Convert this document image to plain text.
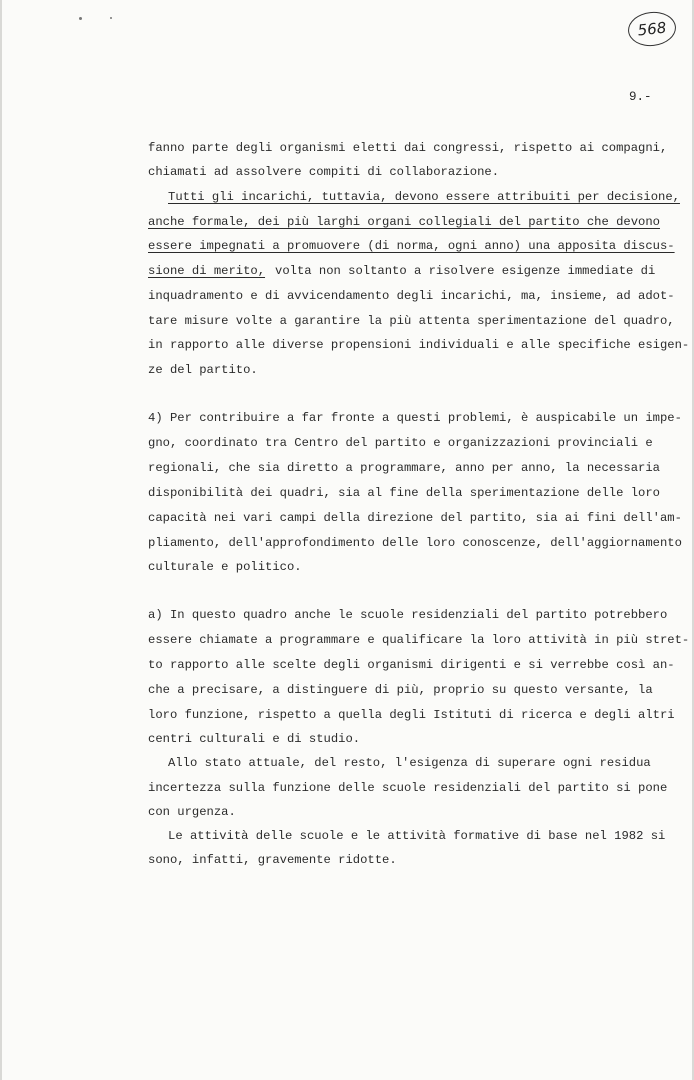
568
9.-
fanno parte degli organismi eletti dai congressi, rispetto ai compagni,
chiamati ad assolvere compiti di collaborazione.
Tutti gli incarichi, tuttavia, devono essere attribuiti per decisione,
anche formale, dei più larghi organi collegiali del partito che devono
essere impegnati a promuovere (di norma, ogni anno) una apposita discus-
sione di merito, volta non soltanto a risolvere esigenze immediate di
inquadramento e di avvicendamento degli incarichi, ma, insieme, ad adot-
tare misure volte a garantire la più attenta sperimentazione del quadro,
in rapporto alle diverse propensioni individuali e alle specifiche esigen-
ze del partito.
4) Per contribuire a far fronte a questi problemi, è auspicabile un impe-
gno, coordinato tra Centro del partito e organizzazioni provinciali e
regionali, che sia diretto a programmare, anno per anno, la necessaria
disponibilità dei quadri, sia al fine della sperimentazione delle loro
capacità nei vari campi della direzione del partito, sia ai fini dell'am-
pliamento, dell'approfondimento delle loro conoscenze, dell'aggiornamento
culturale e politico.
a) In questo quadro anche le scuole residenziali del partito potrebbero
essere chiamate a programmare e qualificare la loro attività in più stret-
to rapporto alle scelte degli organismi dirigenti e si verrebbe così an-
che a precisare, a distinguere di più, proprio su questo versante, la
loro funzione, rispetto a quella degli Istituti di ricerca e degli altri
centri culturali e di studio.
Allo stato attuale, del resto, l'esigenza di superare ogni residua
incertezza sulla funzione delle scuole residenziali del partito si pone
con urgenza.
Le attività delle scuole e le attività formative di base nel 1982 si
sono, infatti, gravemente ridotte.
